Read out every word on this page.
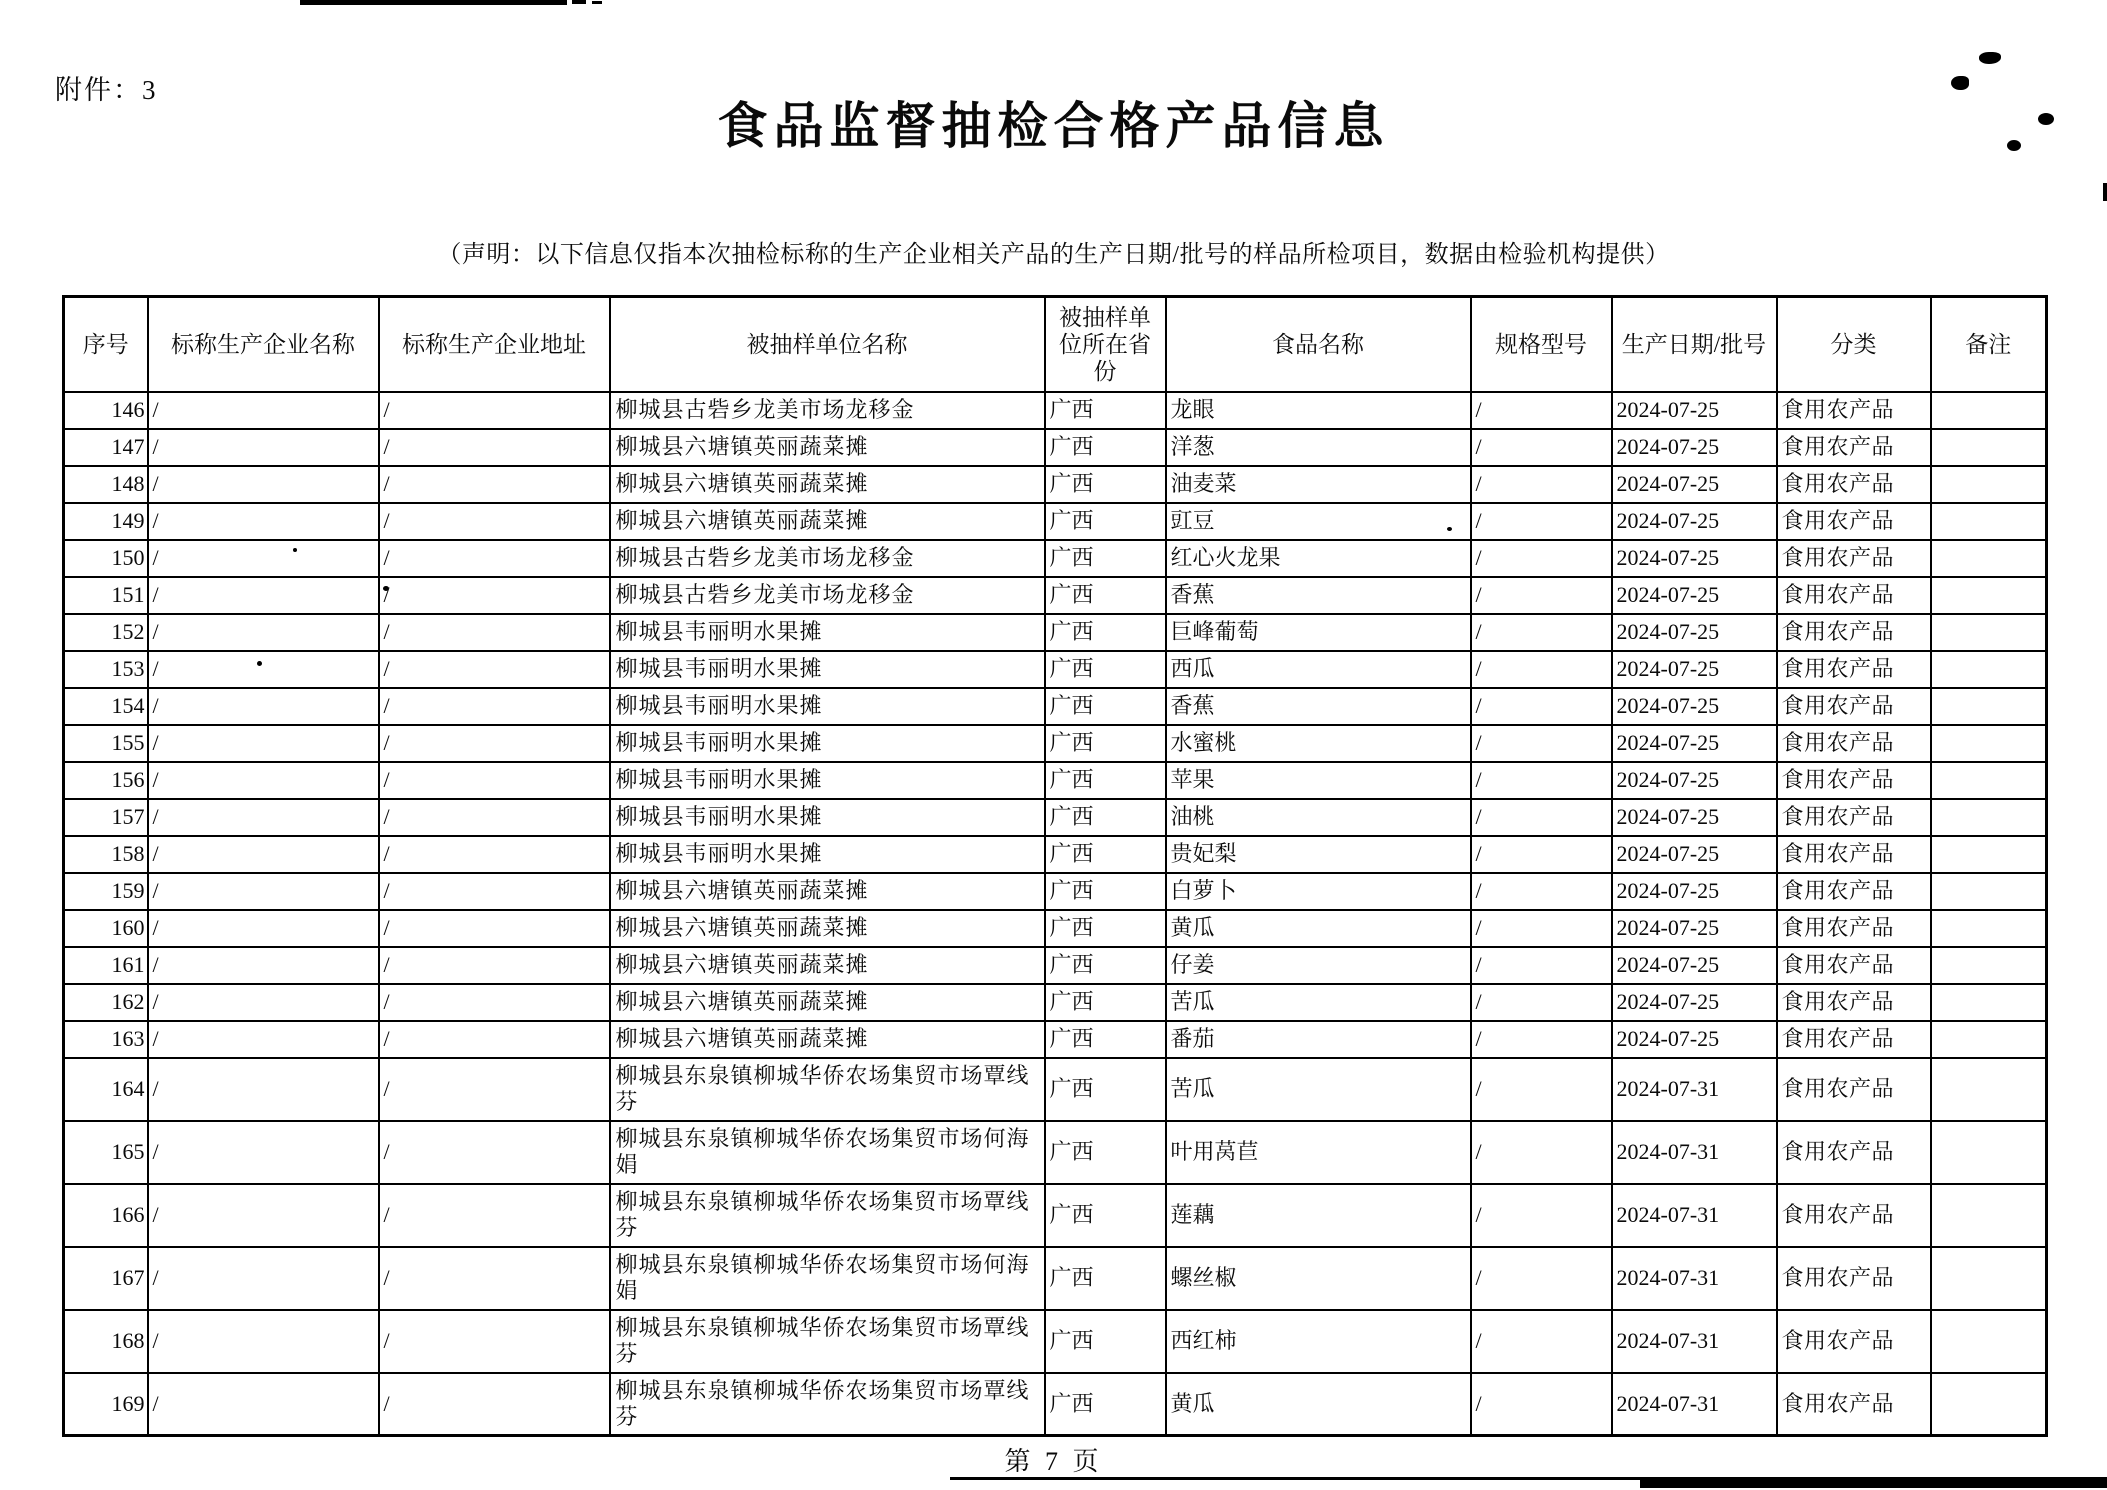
附件：3
食品监督抽检合格产品信息
（声明：以下信息仅指本次抽检标称的生产企业相关产品的生产日期/批号的样品所检项目，数据由检验机构提供）
序号	标称生产企业名称	标称生产企业地址	被抽样单位名称	被抽样单位所在省份	食品名称	规格型号	生产日期/批号	分类	备注
146	/	/	柳城县古砦乡龙美市场龙移金	广西	龙眼	/	2024-07-25	食用农产品	
147	/	/	柳城县六塘镇英丽蔬菜摊	广西	洋葱	/	2024-07-25	食用农产品	
148	/	/	柳城县六塘镇英丽蔬菜摊	广西	油麦菜	/	2024-07-25	食用农产品	
149	/	/	柳城县六塘镇英丽蔬菜摊	广西	豇豆	/	2024-07-25	食用农产品	
150	/	/	柳城县古砦乡龙美市场龙移金	广西	红心火龙果	/	2024-07-25	食用农产品	
151	/	/	柳城县古砦乡龙美市场龙移金	广西	香蕉	/	2024-07-25	食用农产品	
152	/	/	柳城县韦丽明水果摊	广西	巨峰葡萄	/	2024-07-25	食用农产品	
153	/	/	柳城县韦丽明水果摊	广西	西瓜	/	2024-07-25	食用农产品	
154	/	/	柳城县韦丽明水果摊	广西	香蕉	/	2024-07-25	食用农产品	
155	/	/	柳城县韦丽明水果摊	广西	水蜜桃	/	2024-07-25	食用农产品	
156	/	/	柳城县韦丽明水果摊	广西	苹果	/	2024-07-25	食用农产品	
157	/	/	柳城县韦丽明水果摊	广西	油桃	/	2024-07-25	食用农产品	
158	/	/	柳城县韦丽明水果摊	广西	贵妃梨	/	2024-07-25	食用农产品	
159	/	/	柳城县六塘镇英丽蔬菜摊	广西	白萝卜	/	2024-07-25	食用农产品	
160	/	/	柳城县六塘镇英丽蔬菜摊	广西	黄瓜	/	2024-07-25	食用农产品	
161	/	/	柳城县六塘镇英丽蔬菜摊	广西	仔姜	/	2024-07-25	食用农产品	
162	/	/	柳城县六塘镇英丽蔬菜摊	广西	苦瓜	/	2024-07-25	食用农产品	
163	/	/	柳城县六塘镇英丽蔬菜摊	广西	番茄	/	2024-07-25	食用农产品	
164	/	/	柳城县东泉镇柳城华侨农场集贸市场覃线芬	广西	苦瓜	/	2024-07-31	食用农产品	
165	/	/	柳城县东泉镇柳城华侨农场集贸市场何海娟	广西	叶用莴苣	/	2024-07-31	食用农产品	
166	/	/	柳城县东泉镇柳城华侨农场集贸市场覃线芬	广西	莲藕	/	2024-07-31	食用农产品	
167	/	/	柳城县东泉镇柳城华侨农场集贸市场何海娟	广西	螺丝椒	/	2024-07-31	食用农产品	
168	/	/	柳城县东泉镇柳城华侨农场集贸市场覃线芬	广西	西红柿	/	2024-07-31	食用农产品	
169	/	/	柳城县东泉镇柳城华侨农场集贸市场覃线芬	广西	黄瓜	/	2024-07-31	食用农产品	
第 7 页
